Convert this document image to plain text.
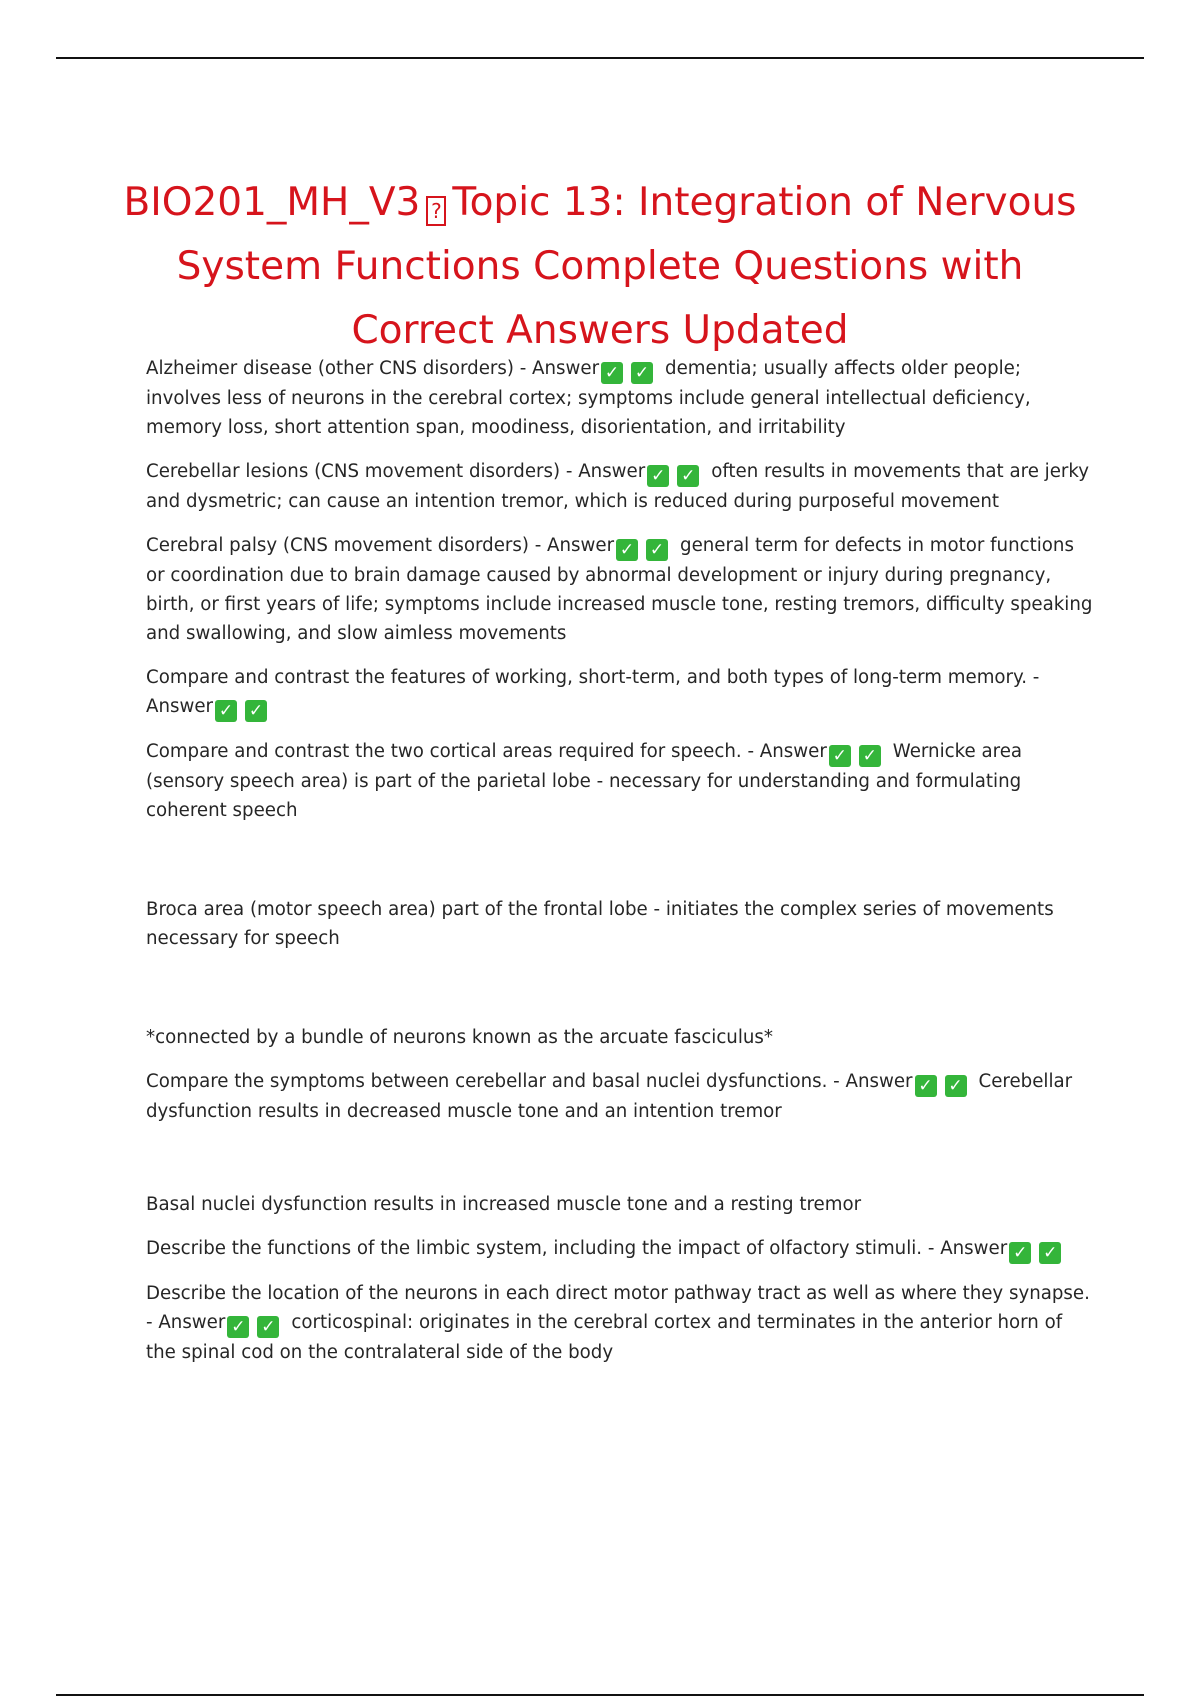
BIO201_MH_V3 ? Topic 13: Integration of Nervous System Functions Complete Questions with Correct Answers Updated

Alzheimer disease (other CNS disorders) - Answer ✓ ✓ dementia; usually affects older people; involves less of neurons in the cerebral cortex; symptoms include general intellectual deficiency, memory loss, short attention span, moodiness, disorientation, and irritability

Cerebellar lesions (CNS movement disorders) - Answer ✓ ✓ often results in movements that are jerky and dysmetric; can cause an intention tremor, which is reduced during purposeful movement

Cerebral palsy (CNS movement disorders) - Answer ✓ ✓ general term for defects in motor functions or coordination due to brain damage caused by abnormal development or injury during pregnancy, birth, or first years of life; symptoms include increased muscle tone, resting tremors, difficulty speaking and swallowing, and slow aimless movements

Compare and contrast the features of working, short-term, and both types of long-term memory. - Answer ✓ ✓

Compare and contrast the two cortical areas required for speech. - Answer ✓ ✓ Wernicke area (sensory speech area) is part of the parietal lobe - necessary for understanding and formulating coherent speech

Broca area (motor speech area) part of the frontal lobe - initiates the complex series of movements necessary for speech

*connected by a bundle of neurons known as the arcuate fasciculus*

Compare the symptoms between cerebellar and basal nuclei dysfunctions. - Answer ✓ ✓ Cerebellar dysfunction results in decreased muscle tone and an intention tremor

Basal nuclei dysfunction results in increased muscle tone and a resting tremor

Describe the functions of the limbic system, including the impact of olfactory stimuli. - Answer ✓ ✓

Describe the location of the neurons in each direct motor pathway tract as well as where they synapse. - Answer ✓ ✓ corticospinal: originates in the cerebral cortex and terminates in the anterior horn of the spinal cod on the contralateral side of the body
